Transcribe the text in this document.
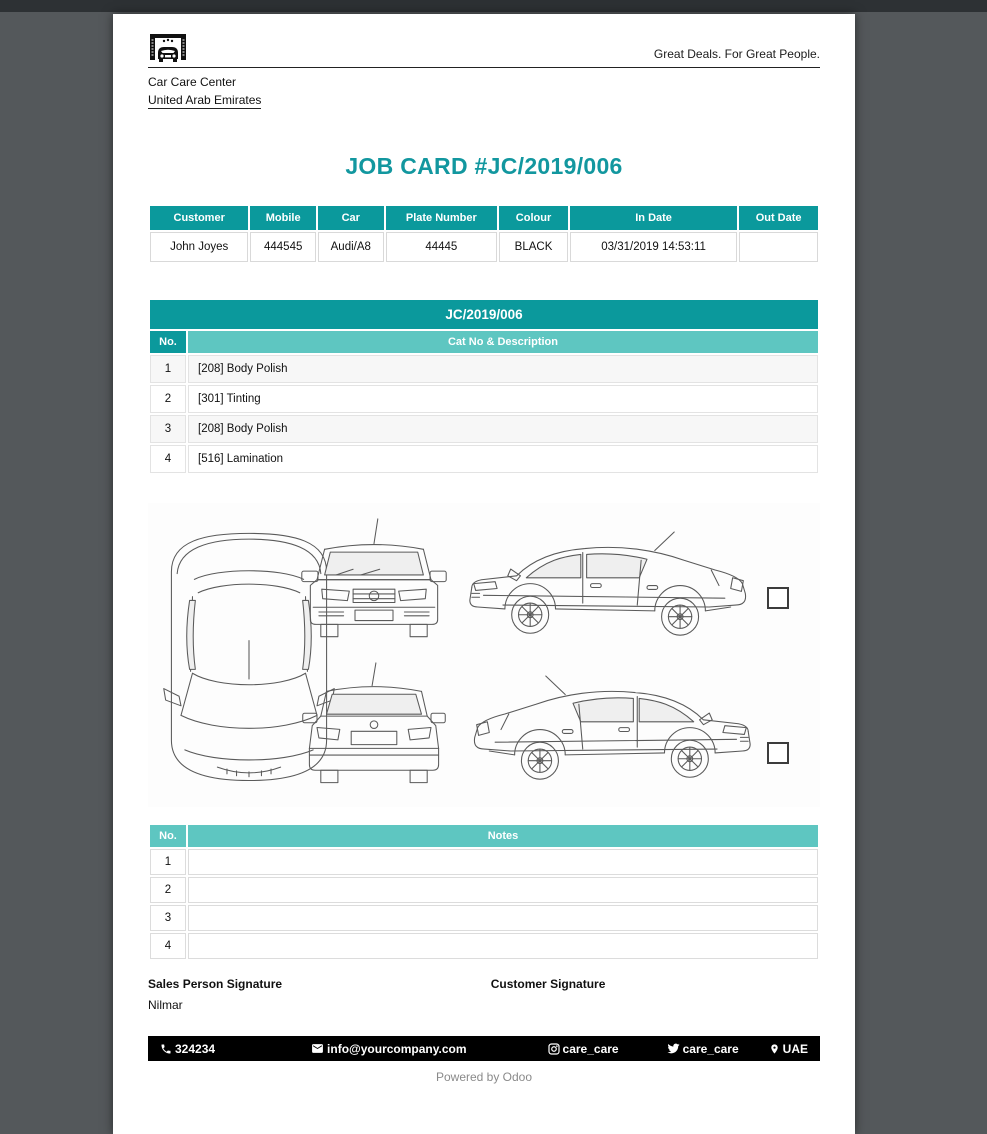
Great Deals. For Great People.
Car Care Center
United Arab Emirates
JOB CARD #JC/2019/006
Customer	Mobile	Car	Plate Number	Colour	In Date	Out Date
John Joyes	444545	Audi/A8	44445	BLACK	03/31/2019 14:53:11	
JC/2019/006	
No.	Cat No & Description
1	[208] Body Polish
2	[301] Tinting
3	[208] Body Polish
4	[516] Lamination
No.	Notes
1	
2	
3	
4	
Sales Person Signature
Nilmar
Customer Signature
324234	info@yourcompany.com	care_care	care_care	UAE
Powered by Odoo
